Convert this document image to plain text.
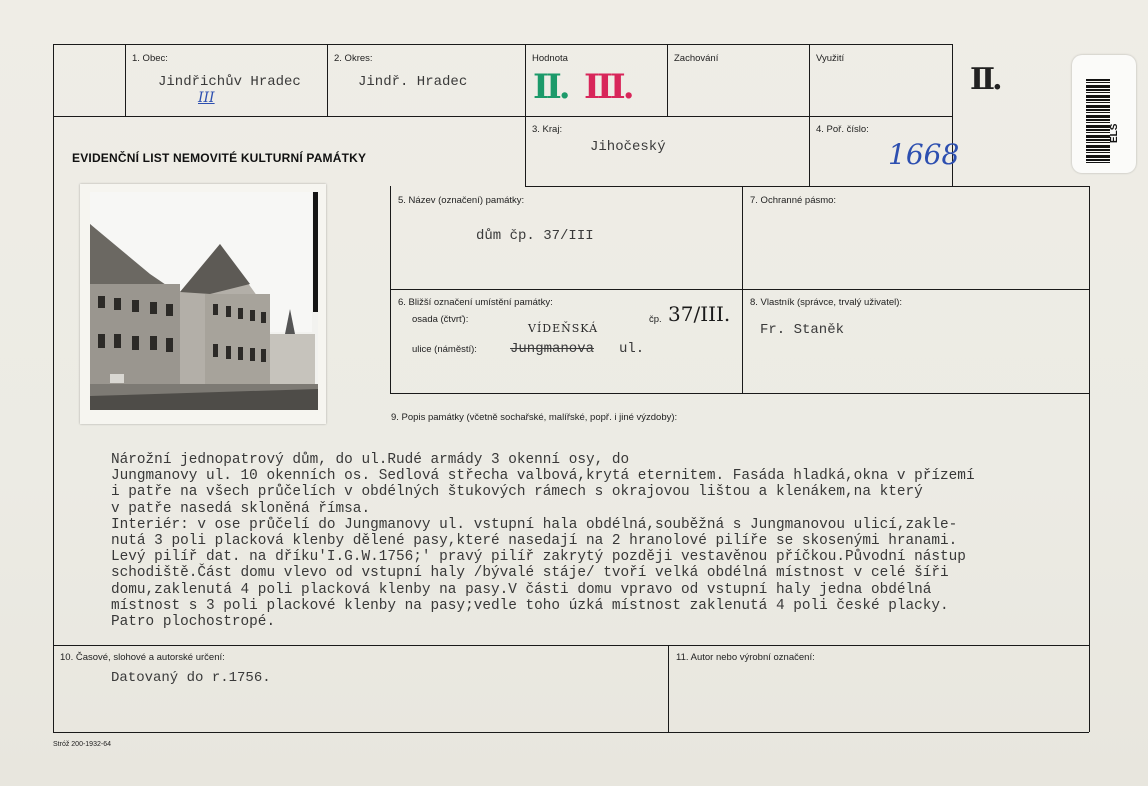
1. Obec:
Jindřichův Hradec
III
2. Okres:
Jindř. Hradec
Hodnota
II. III.
Zachování	Využití
II.
ELS
EVIDENČNÍ LIST NEMOVITÉ KULTURNÍ PAMÁTKY
3. Kraj:
Jihočeský
4. Poř. číslo:
1668
5. Název (označení) památky:
dům čp. 37/III
7. Ochranné pásmo:
6. Bližší označení umístění památky:
osada (čtvrť):
ulice (náměstí):
čp. 37/III.
VÍDEŇSKÁ
Jungmanova ul.
8. Vlastník (správce, trvalý uživatel):
Fr. Staněk
9. Popis památky (včetně sochařské, malířské, popř. i jiné výzdoby):
Nárožní jednopatrový dům, do ul.Rudé armády 3 okenní osy, do
Jungmanovy ul. 10 okenních os. Sedlová střecha valbová,krytá eternitem. Fasáda hladká,okna v přízemí
i patře na všech průčelích v obdélných štukových rámech s okrajovou lištou a klenákem,na který
v patře nasedá skloněná římsa.
Interiér: v ose průčelí do Jungmanovy ul. vstupní hala obdélná,souběžná s Jungmanovou ulicí,zakle-
nutá 3 poli placková klenby dělené pasy,které nasedají na 2 hranolové pilíře se skosenými hranami.
Levý pilíř dat. na dříku'I.G.W.1756;' pravý pilíř zakrytý později vestavěnou příčkou.Původní nástup
schodiště.Část domu vlevo od vstupní haly /bývalé stáje/ tvoří velká obdélná místnost v celé šíři
domu,zaklenutá 4 poli placková klenby na pasy.V části domu vpravo od vstupní haly jedna obdélná
místnost s 3 poli plackové klenby na pasy;vedle toho úzká místnost zaklenutá 4 poli české placky.
Patro plochostropé.
10. Časové, slohové a autorské určení:
Datovaný do r.1756.
11. Autor nebo výrobní označení:
Stróž 200-1932-64
